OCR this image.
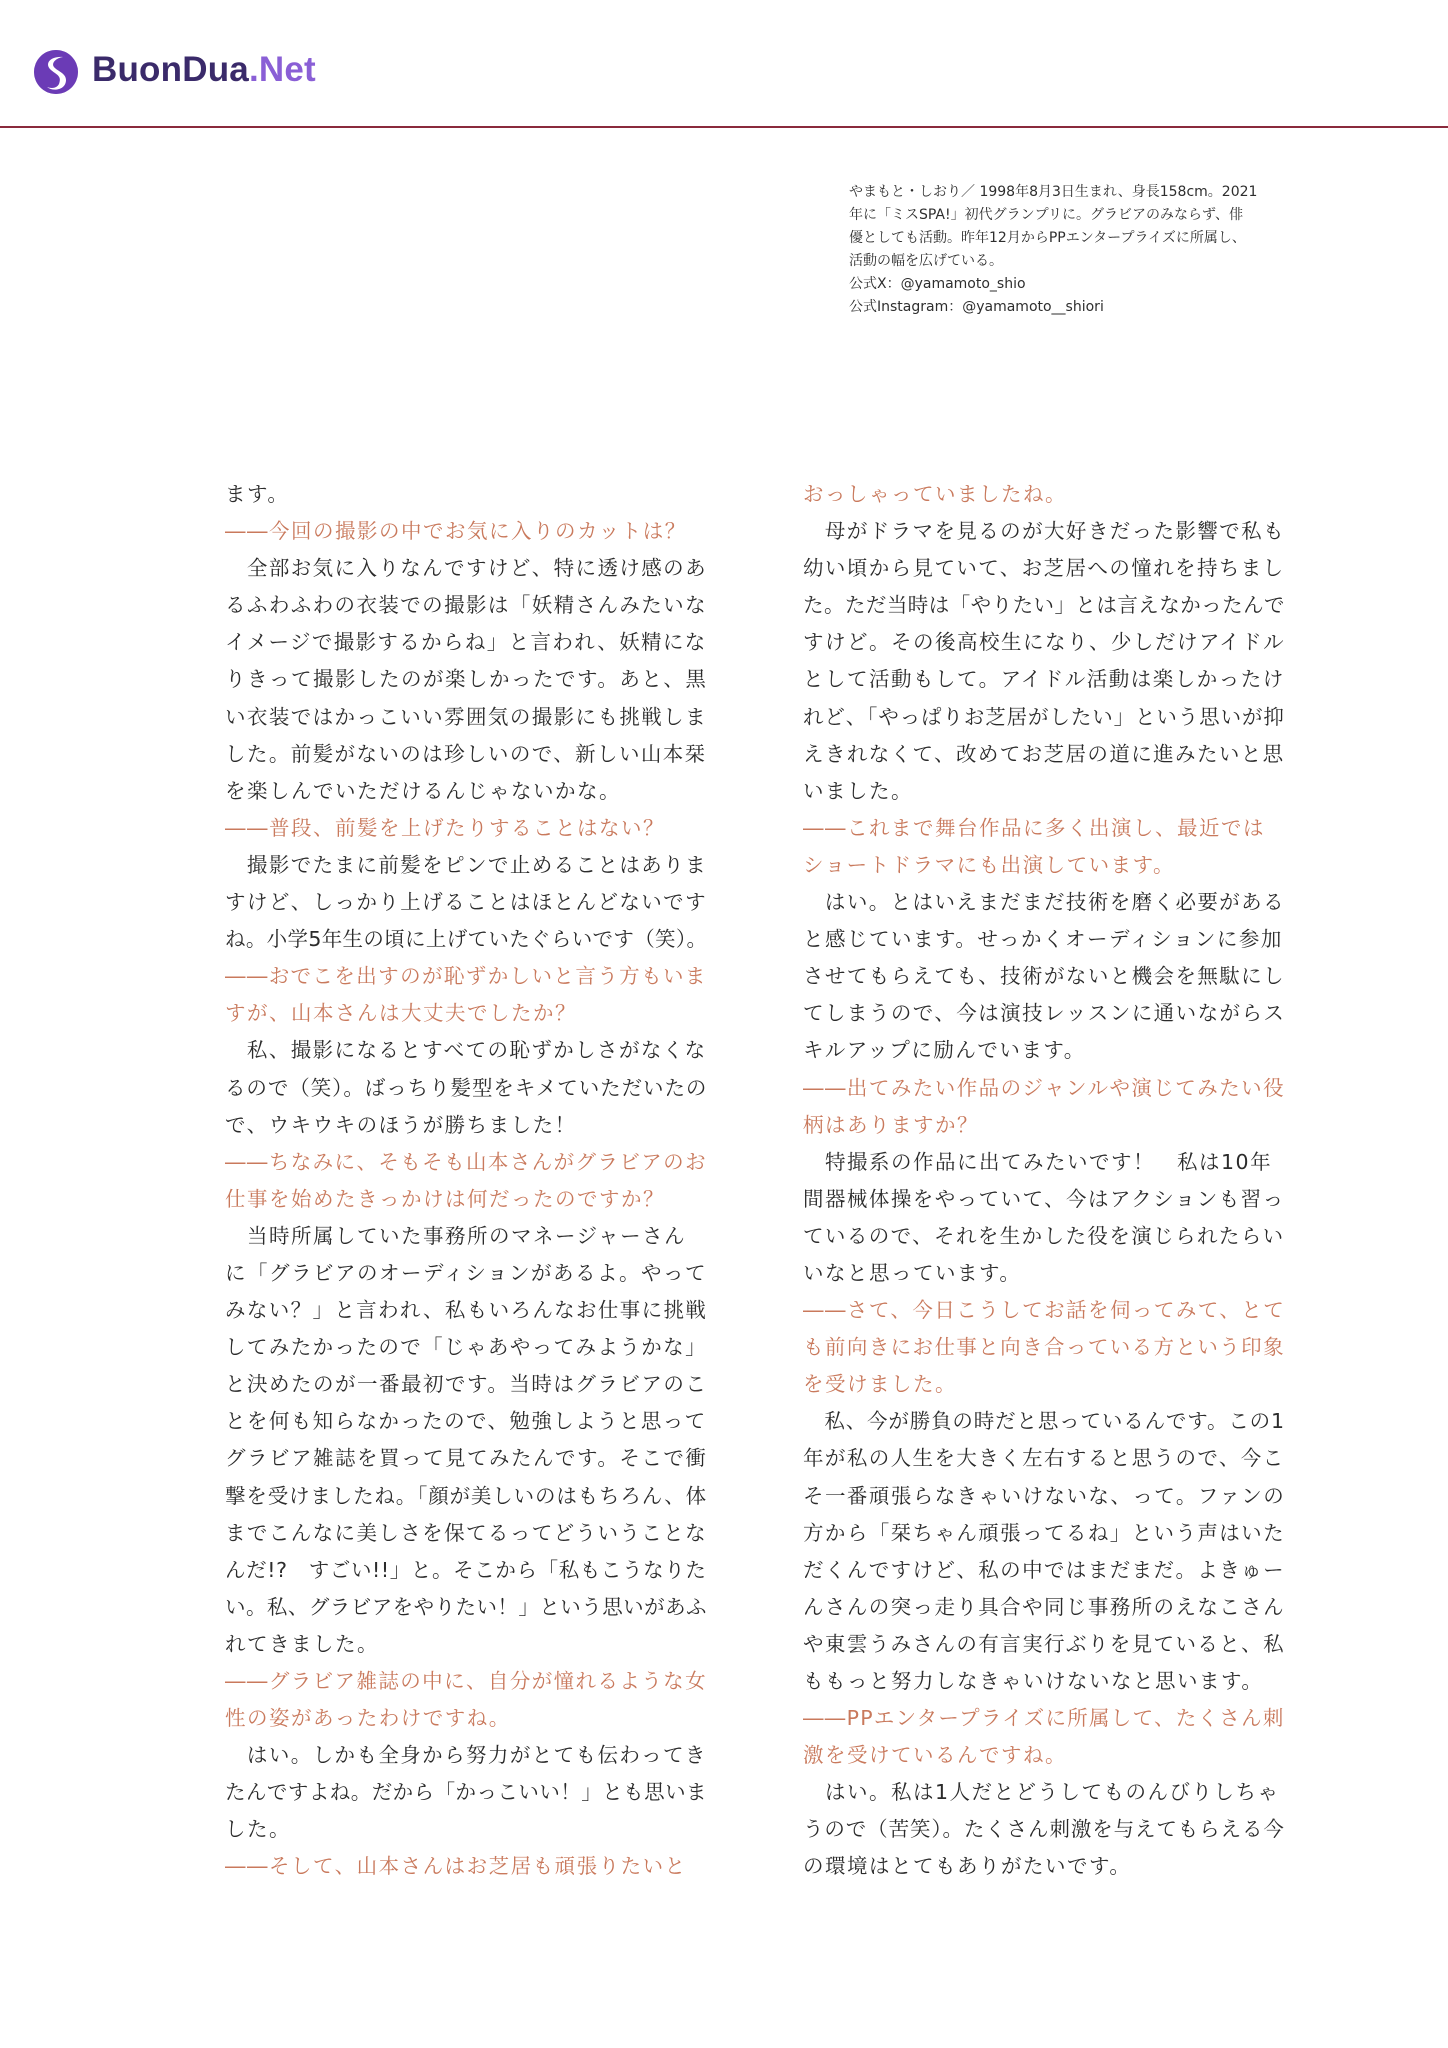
BuonDua.Net

やまもと・しおり／ 1998年8月3日生まれ、身長158cm。2021

年に「ミスSPA!」初代グランプリに。グラビアのみならず、俳

優としても活動。昨年12月からPPエンタープライズに所属し、

活動の幅を広げている。

公式X：@yamamoto_shio

公式Instagram：@yamamoto__shiori

ます。
――今回の撮影の中でお気に入りのカットは？
　全部お気に入りなんですけど、特に透け感のあ
るふわふわの衣装での撮影は「妖精さんみたいな
イメージで撮影するからね」と言われ、妖精にな
りきって撮影したのが楽しかったです。あと、黒
い衣装ではかっこいい雰囲気の撮影にも挑戦しま
した。前髪がないのは珍しいので、新しい山本栞
を楽しんでいただけるんじゃないかな。
――普段、前髪を上げたりすることはない？
　撮影でたまに前髪をピンで止めることはありま
すけど、しっかり上げることはほとんどないです
ね。小学5年生の頃に上げていたぐらいです（笑）。
――おでこを出すのが恥ずかしいと言う方もいま
すが、山本さんは大丈夫でしたか？
　私、撮影になるとすべての恥ずかしさがなくな
るので（笑）。ばっちり髪型をキメていただいたの
で、ウキウキのほうが勝ちました！
――ちなみに、そもそも山本さんがグラビアのお
仕事を始めたきっかけは何だったのですか？
　当時所属していた事務所のマネージャーさん
に「グラビアのオーディションがあるよ。やって
みない？」と言われ、私もいろんなお仕事に挑戦
してみたかったので「じゃあやってみようかな」
と決めたのが一番最初です。当時はグラビアのこ
とを何も知らなかったので、勉強しようと思って
グラビア雑誌を買って見てみたんです。そこで衝
撃を受けましたね。「顔が美しいのはもちろん、体
までこんなに美しさを保てるってどういうことな
んだ!?　すごい!!」と。そこから「私もこうなりた
い。私、グラビアをやりたい！」という思いがあふ
れてきました。
――グラビア雑誌の中に、自分が憧れるような女
性の姿があったわけですね。
　はい。しかも全身から努力がとても伝わってき
たんですよね。だから「かっこいい！」とも思いま
した。
――そして、山本さんはお芝居も頑張りたいと
おっしゃっていましたね。
　母がドラマを見るのが大好きだった影響で私も
幼い頃から見ていて、お芝居への憧れを持ちまし
た。ただ当時は「やりたい」とは言えなかったんで
すけど。その後高校生になり、少しだけアイドル
として活動もして。アイドル活動は楽しかったけ
れど、「やっぱりお芝居がしたい」という思いが抑
えきれなくて、改めてお芝居の道に進みたいと思
いました。
――これまで舞台作品に多く出演し、最近では
ショートドラマにも出演しています。
　はい。とはいえまだまだ技術を磨く必要がある
と感じています。せっかくオーディションに参加
させてもらえても、技術がないと機会を無駄にし
てしまうので、今は演技レッスンに通いながらス
キルアップに励んでいます。
――出てみたい作品のジャンルや演じてみたい役
柄はありますか？
　特撮系の作品に出てみたいです！　私は10年
間器械体操をやっていて、今はアクションも習っ
ているので、それを生かした役を演じられたらい
いなと思っています。
――さて、今日こうしてお話を伺ってみて、とて
も前向きにお仕事と向き合っている方という印象
を受けました。
　私、今が勝負の時だと思っているんです。この1
年が私の人生を大きく左右すると思うので、今こ
そ一番頑張らなきゃいけないな、って。ファンの
方から「栞ちゃん頑張ってるね」という声はいた
だくんですけど、私の中ではまだまだ。よきゅー
んさんの突っ走り具合や同じ事務所のえなこさん
や東雲うみさんの有言実行ぶりを見ていると、私
ももっと努力しなきゃいけないなと思います。
――PPエンタープライズに所属して、たくさん刺
激を受けているんですね。
　はい。私は1人だとどうしてものんびりしちゃ
うので（苦笑）。たくさん刺激を与えてもらえる今
の環境はとてもありがたいです。
